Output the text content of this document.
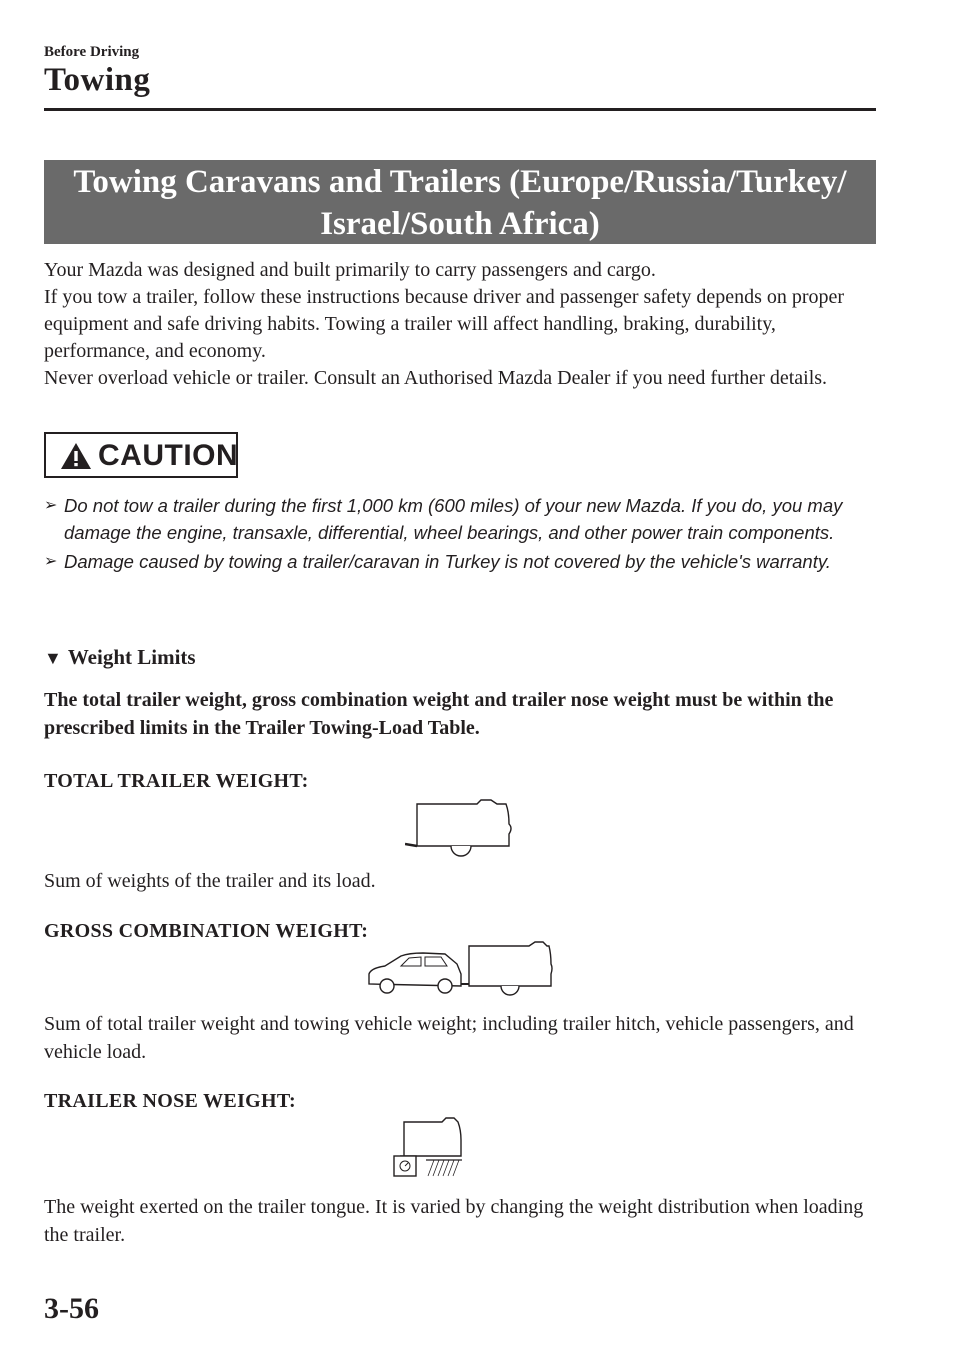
Before Driving
Towing
Towing Caravans and Trailers (Europe/Russia/Turkey/
Israel/South Africa)

Your Mazda was designed and built primarily to carry passengers and cargo.

If you tow a trailer, follow these instructions because driver and passenger safety depends on proper equipment and safe driving habits. Towing a trailer will affect handling, braking, durability, performance, and economy.

Never overload vehicle or trailer. Consult an Authorised Mazda Dealer if you need further details.

CAUTION
➢ Do not tow a trailer during the first 1,000 km (600 miles) of your new Mazda. If you do, you may damage the engine, transaxle, differential, wheel bearings, and other power train components.
➢ Damage caused by towing a trailer/caravan in Turkey is not covered by the vehicle's warranty.
▼ Weight Limits
The total trailer weight, gross combination weight and trailer nose weight must be within the prescribed limits in the Trailer Towing-Load Table.
TOTAL TRAILER WEIGHT:
Sum of weights of the trailer and its load.
GROSS COMBINATION WEIGHT:
Sum of total trailer weight and towing vehicle weight; including trailer hitch, vehicle passengers, and vehicle load.
TRAILER NOSE WEIGHT:
The weight exerted on the trailer tongue. It is varied by changing the weight distribution when loading the trailer.
3-56
